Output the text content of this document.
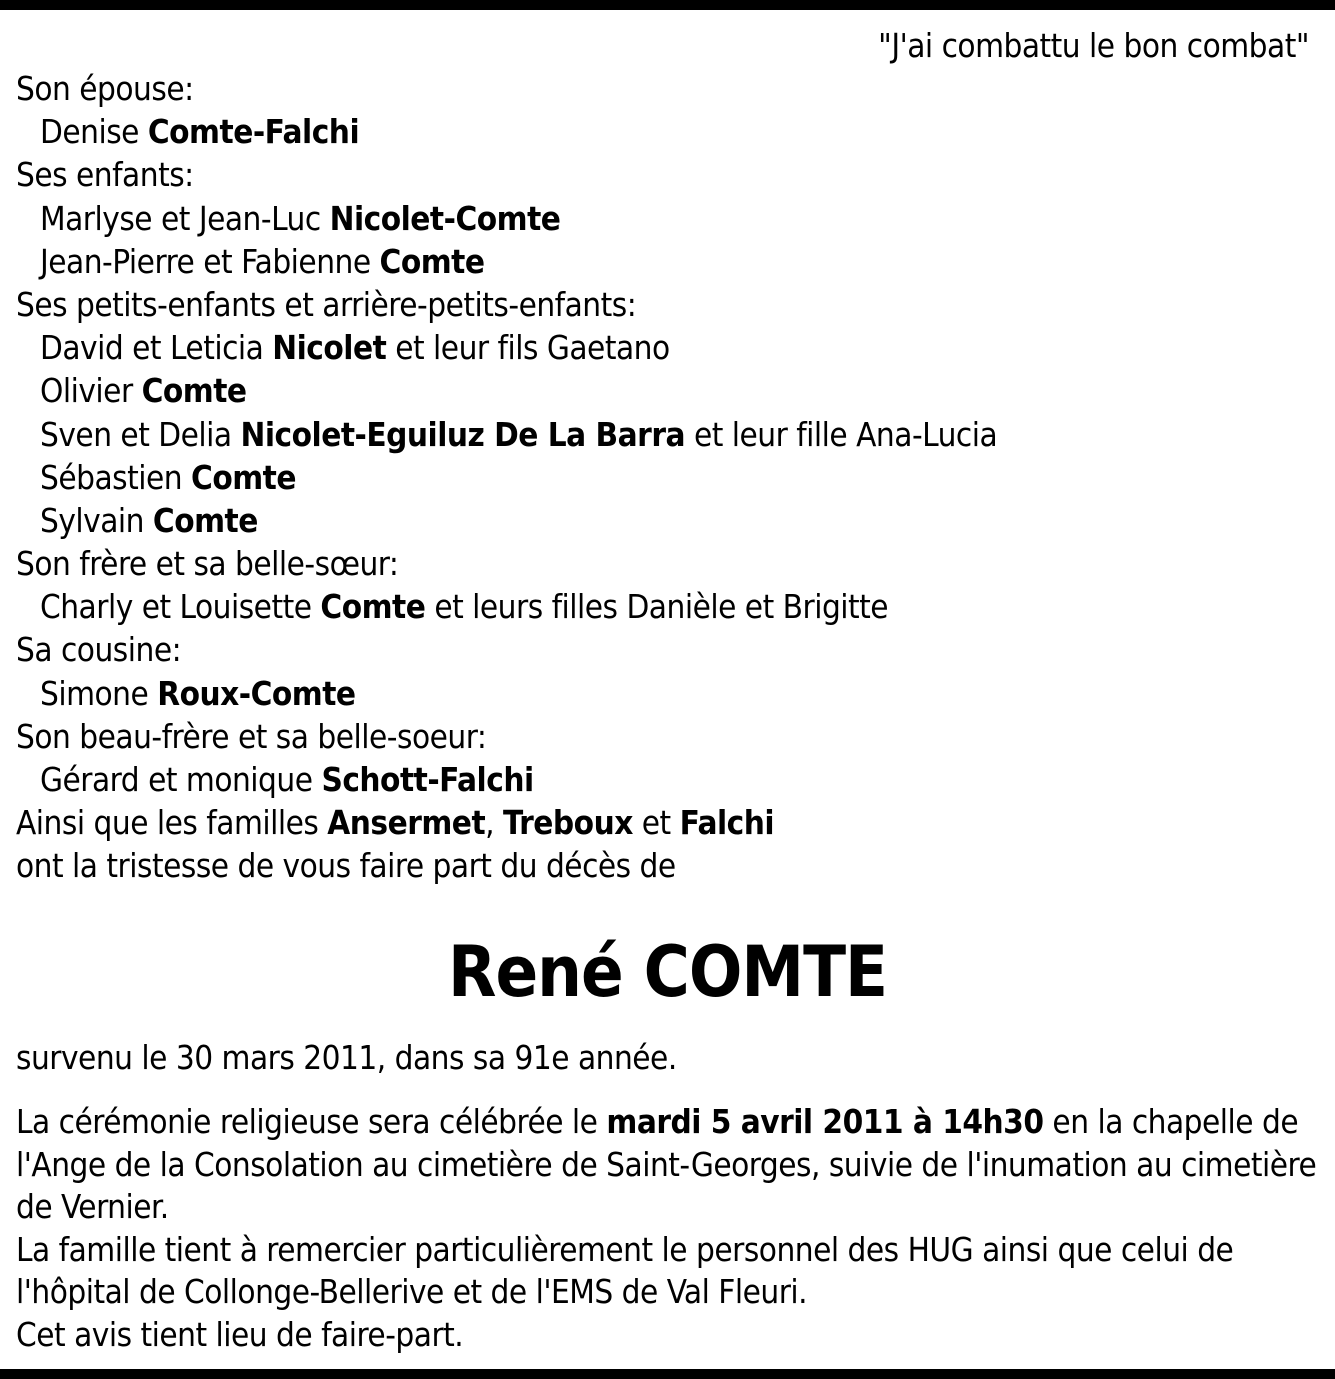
"J'ai combattu le bon combat"
Son épouse:
Denise Comte-Falchi
Ses enfants:
Marlyse et Jean-Luc Nicolet-Comte
Jean-Pierre et Fabienne Comte
Ses petits-enfants et arrière-petits-enfants:
David et Leticia Nicolet et leur fils Gaetano
Olivier Comte
Sven et Delia Nicolet-Eguiluz De La Barra et leur fille Ana-Lucia
Sébastien Comte
Sylvain Comte
Son frère et sa belle-sœur:
Charly et Louisette Comte et leurs filles Danièle et Brigitte
Sa cousine:
Simone Roux-Comte
Son beau-frère et sa belle-soeur:
Gérard et monique Schott-Falchi
Ainsi que les familles Ansermet, Treboux et Falchi
ont la tristesse de vous faire part du décès de
René COMTE
survenu le 30 mars 2011, dans sa 91e année.
La cérémonie religieuse sera célébrée le mardi 5 avril 2011 à 14h30 en la chapelle de l'Ange de la Consolation au cimetière de Saint-Georges, suivie de l'inumation au cimetière de Vernier.
La famille tient à remercier particulièrement le personnel des HUG ainsi que celui de l'hôpital de Collonge-Bellerive et de l'EMS de Val Fleuri.
Cet avis tient lieu de faire-part.
